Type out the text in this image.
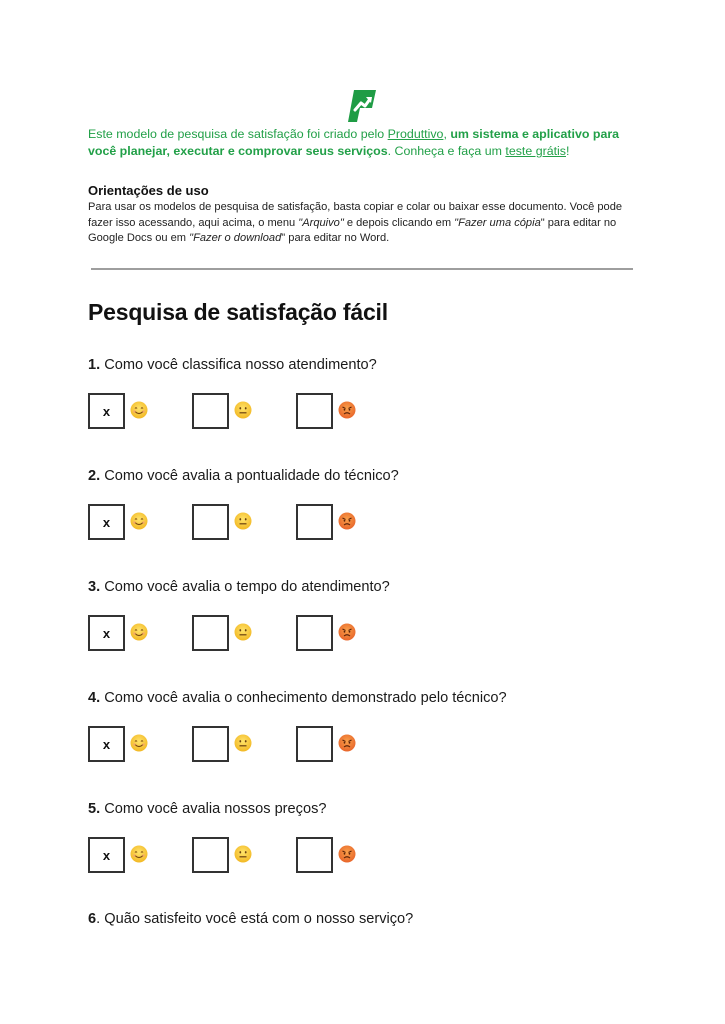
Este modelo de pesquisa de satisfação foi criado pelo Produttivo, um sistema e aplicativo para você planejar, executar e comprovar seus serviços. Conheça e faça um teste grátis!
Orientações de uso
Para usar os modelos de pesquisa de satisfação, basta copiar e colar ou baixar esse documento. Você pode fazer isso acessando, aqui acima, o menu "Arquivo" e depois clicando em "Fazer uma cópia" para editar no Google Docs ou em "Fazer o download" para editar no Word.
Pesquisa de satisfação fácil
1. Como você classifica nosso atendimento?
x
2. Como você avalia a pontualidade do técnico?
x
3. Como você avalia o tempo do atendimento?
x
4. Como você avalia o conhecimento demonstrado pelo técnico?
x
5. Como você avalia nossos preços?
x
6. Quão satisfeito você está com o nosso serviço?
